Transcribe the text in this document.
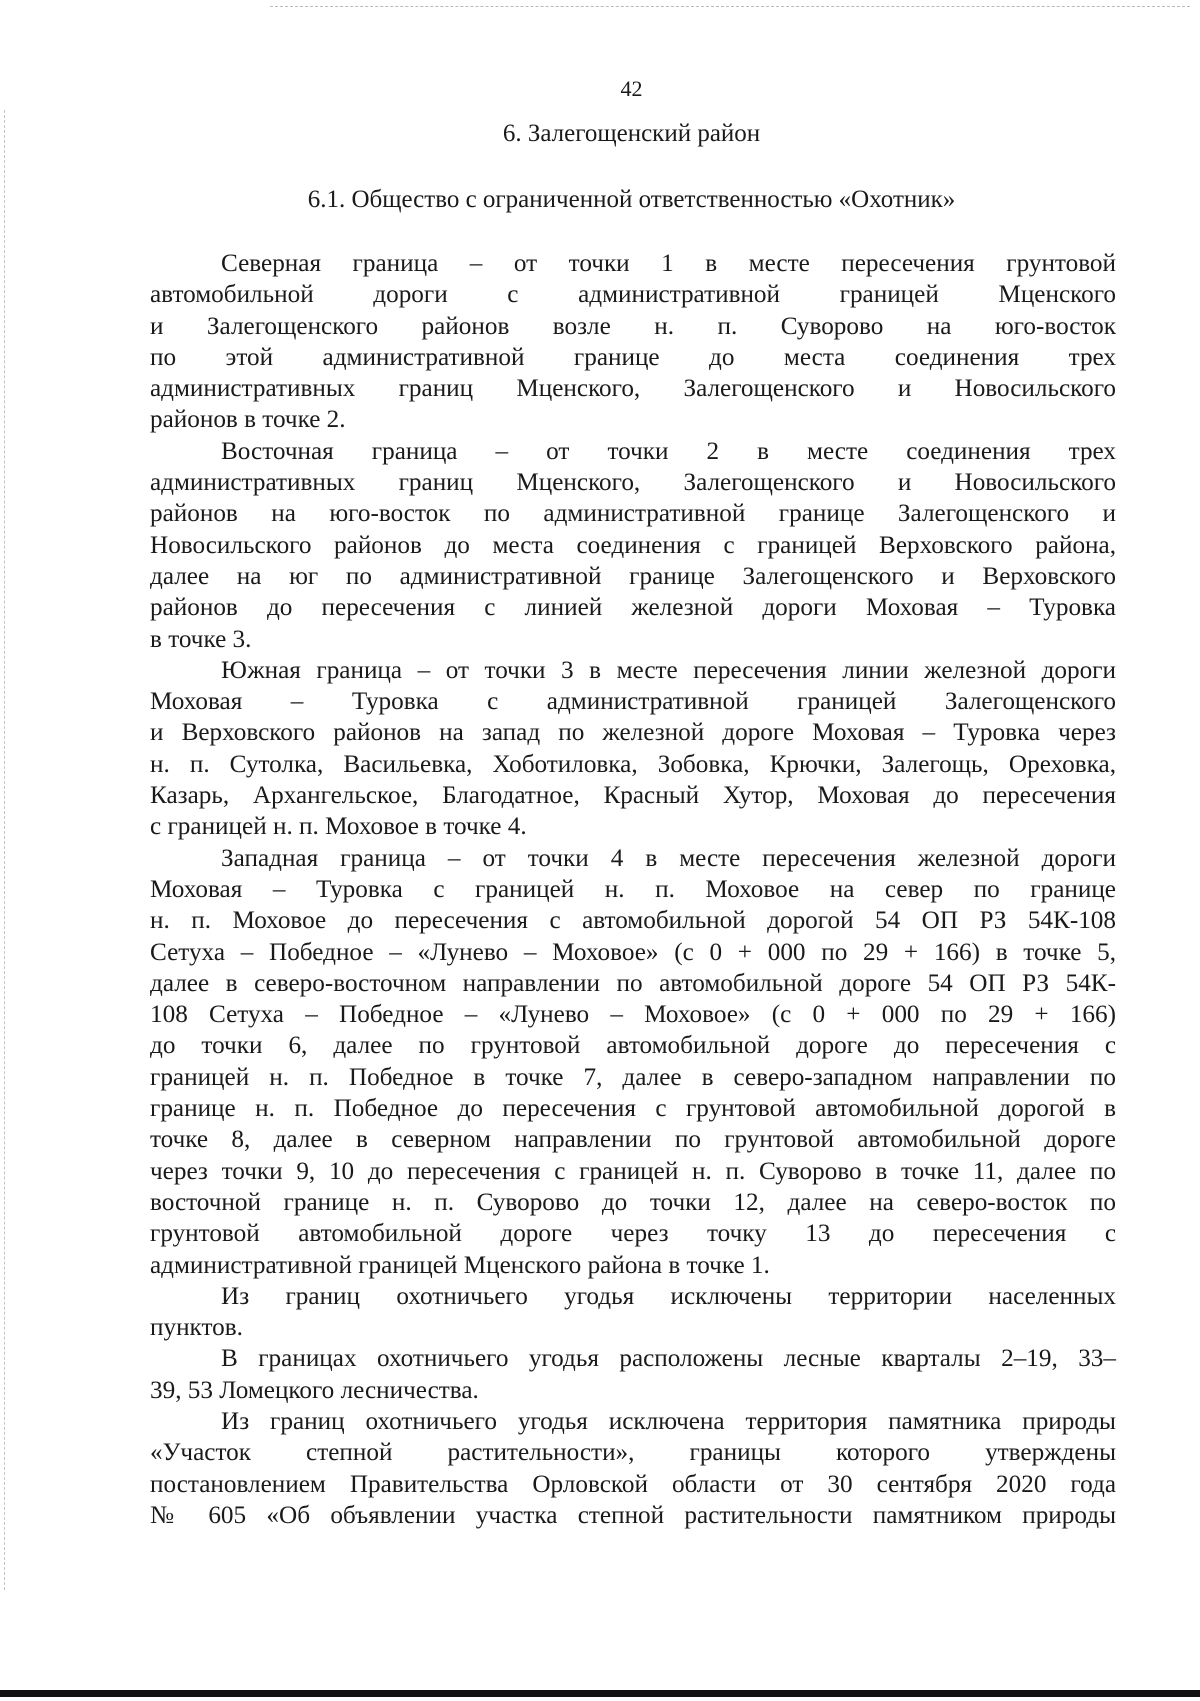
42
6. Залегощенский район
6.1. Общество с ограниченной ответственностью «Охотник»

Северная граница – от точки 1 в месте пересечения грунтовой
автомобильной дороги с административной границей Мценского
и Залегощенского районов возле н. п. Суворово на юго-восток
по этой административной границе до места соединения трех
административных границ Мценского, Залегощенского и Новосильского
районов в точке 2.

Восточная граница – от точки 2 в месте соединения трех
административных границ Мценского, Залегощенского и Новосильского
районов на юго-восток по административной границе Залегощенского и
Новосильского районов до места соединения с границей Верховского района,
далее на юг по административной границе Залегощенского и Верховского
районов до пересечения с линией железной дороги Моховая – Туровка
в точке 3.

Южная граница – от точки 3 в месте пересечения линии железной дороги
Моховая – Туровка с административной границей Залегощенского
и Верховского районов на запад по железной дороге Моховая – Туровка через
н. п. Сутолка, Васильевка, Хоботиловка, Зобовка, Крючки, Залегощь, Ореховка,
Казарь, Архангельское, Благодатное, Красный Хутор, Моховая до пересечения
с границей н. п. Моховое в точке 4.

Западная граница – от точки 4 в месте пересечения железной дороги
Моховая – Туровка с границей н. п. Моховое на север по границе
н. п. Моховое до пересечения с автомобильной дорогой 54 ОП РЗ 54К-108
Сетуха – Победное – «Лунево – Моховое» (с 0 + 000 по 29 + 166) в точке 5,
далее в северо-восточном направлении по автомобильной дороге 54 ОП РЗ 54К-
108 Сетуха – Победное – «Лунево – Моховое» (с 0 + 000 по 29 + 166)
до точки 6, далее по грунтовой автомобильной дороге до пересечения с
границей н. п. Победное в точке 7, далее в северо-западном направлении по
границе н. п. Победное до пересечения с грунтовой автомобильной дорогой в
точке 8, далее в северном направлении по грунтовой автомобильной дороге
через точки 9, 10 до пересечения с границей н. п. Суворово в точке 11, далее по
восточной границе н. п. Суворово до точки 12, далее на северо-восток по
грунтовой автомобильной дороге через точку 13 до пересечения с
административной границей Мценского района в точке 1.

Из границ охотничьего угодья исключены территории населенных
пунктов.

В границах охотничьего угодья расположены лесные кварталы 2–19, 33–
39, 53 Ломецкого лесничества.

Из границ охотничьего угодья исключена территория памятника природы
«Участок степной растительности», границы которого утверждены
постановлением Правительства Орловской области от 30 сентября 2020 года
№ 605 «Об объявлении участка степной растительности памятником природы
